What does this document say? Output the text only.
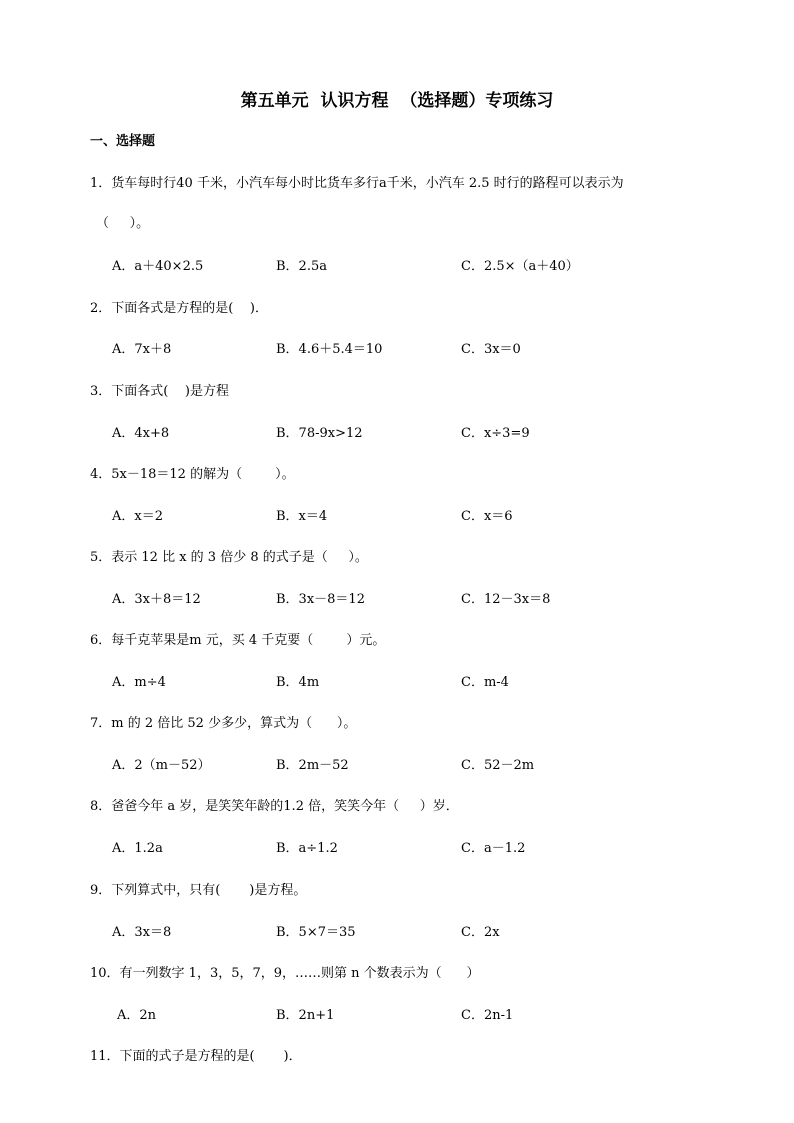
第五单元  认识方程  （选择题）专项练习
一、选择题
1．货车每时行40 千米，小汽车每小时比货车多行a千米，小汽车 2.5 时行的路程可以表示为
（     ）。
A．a＋40×2.5	B．2.5a	C．2.5×（a＋40）
2．下面各式是方程的是(    )．
A．7x＋8	B．4.6＋5.4＝10	C．3x＝0
3．下面各式(    )是方程
A．4x+8	B．78-9x>12	C．x÷3=9
4．5x－18＝12 的解为（        ）。
A．x＝2	B．x＝4	C．x＝6
5．表示 12 比 x 的 3 倍少 8 的式子是（     ）。
A．3x＋8＝12	B．3x－8＝12	C．12－3x＝8
6．每千克苹果是m 元，买 4 千克要（        ）元。
A．m÷4	B．4m	C．m-4
7．m 的 2 倍比 52 少多少，算式为（      ）。
A．2（m－52）	B．2m－52	C．52－2m
8．爸爸今年 a 岁，是笑笑年龄的1.2 倍，笑笑今年（     ）岁．
A．1.2a	B．a÷1.2	C．a－1.2
9．下列算式中，只有(       )是方程。
A．3x＝8	B．5×7＝35	C．2x
10．有一列数字 1，3，5，7，9，……则第 n 个数表示为（      ）
A．2n	B．2n+1	C．2n-1
11．下面的式子是方程的是(       )．
